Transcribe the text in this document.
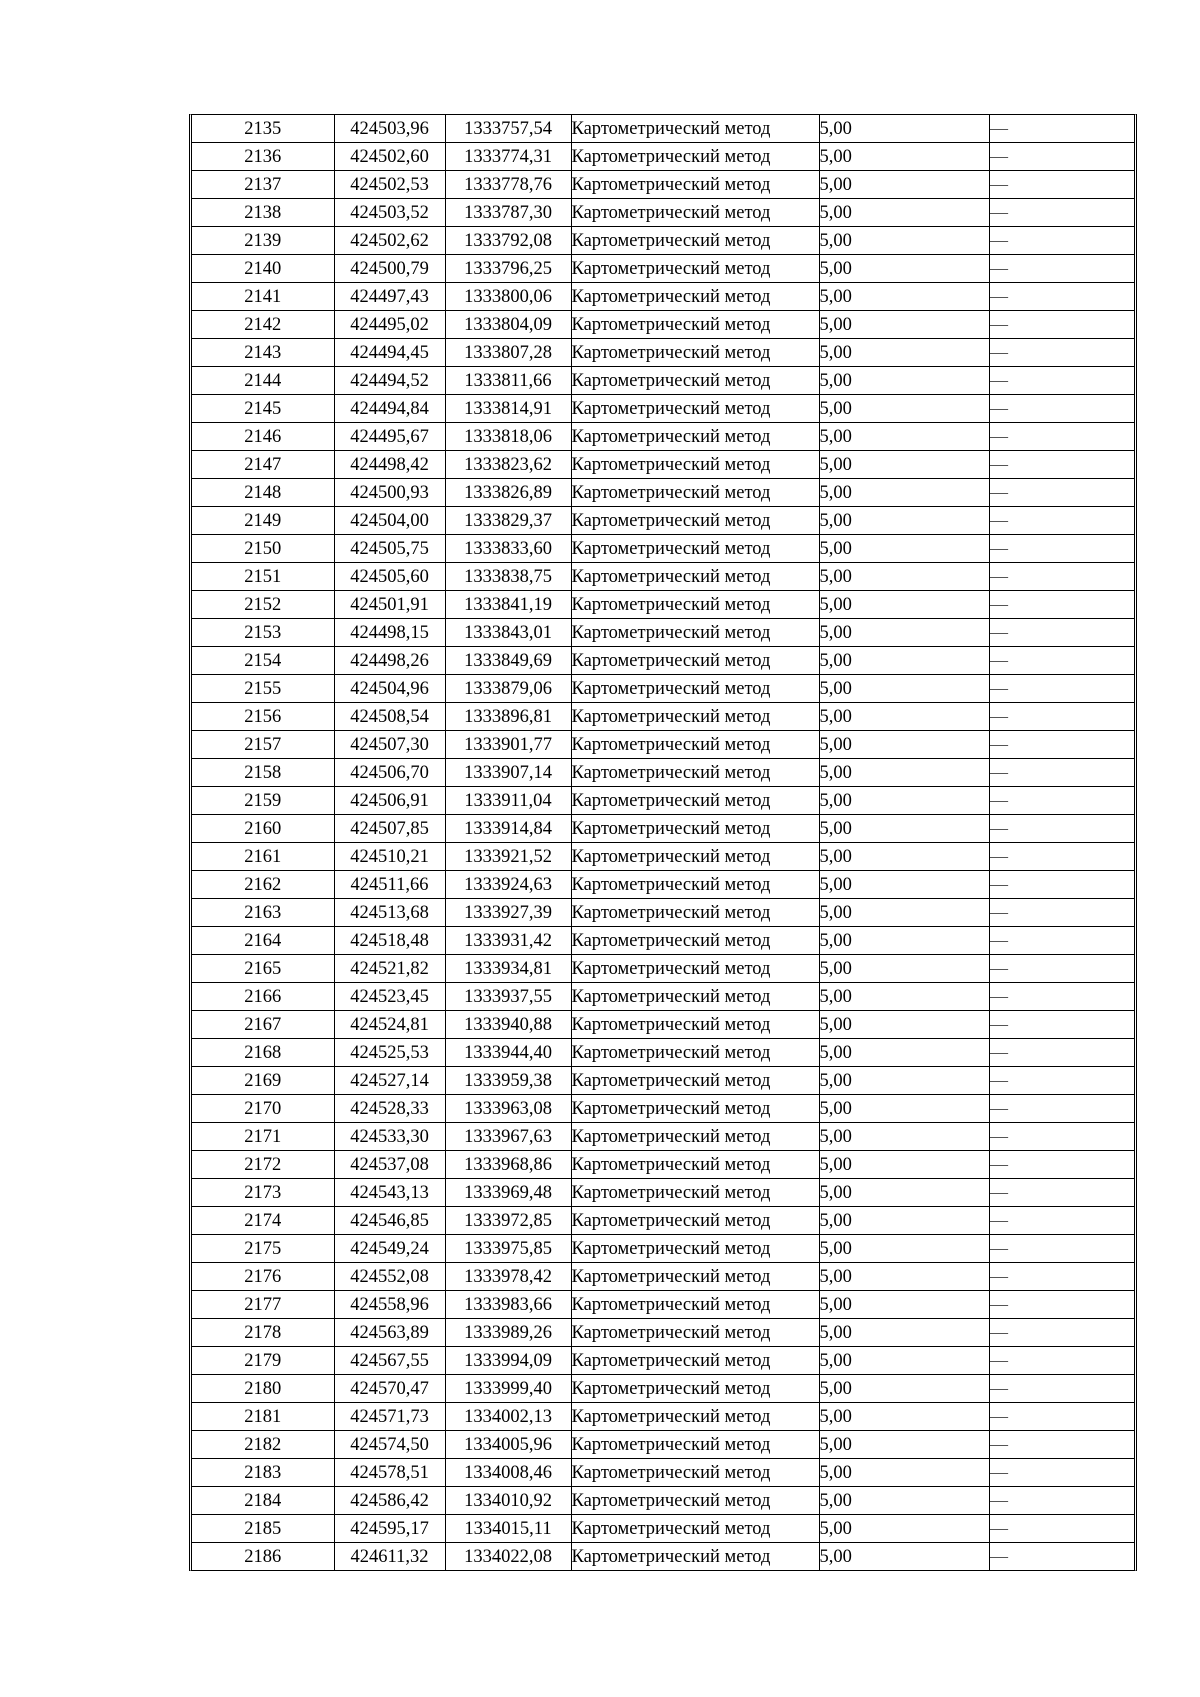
2135	424503,96	1333757,54	Картометрический метод	5,00	—
2136	424502,60	1333774,31	Картометрический метод	5,00	—
2137	424502,53	1333778,76	Картометрический метод	5,00	—
2138	424503,52	1333787,30	Картометрический метод	5,00	—
2139	424502,62	1333792,08	Картометрический метод	5,00	—
2140	424500,79	1333796,25	Картометрический метод	5,00	—
2141	424497,43	1333800,06	Картометрический метод	5,00	—
2142	424495,02	1333804,09	Картометрический метод	5,00	—
2143	424494,45	1333807,28	Картометрический метод	5,00	—
2144	424494,52	1333811,66	Картометрический метод	5,00	—
2145	424494,84	1333814,91	Картометрический метод	5,00	—
2146	424495,67	1333818,06	Картометрический метод	5,00	—
2147	424498,42	1333823,62	Картометрический метод	5,00	—
2148	424500,93	1333826,89	Картометрический метод	5,00	—
2149	424504,00	1333829,37	Картометрический метод	5,00	—
2150	424505,75	1333833,60	Картометрический метод	5,00	—
2151	424505,60	1333838,75	Картометрический метод	5,00	—
2152	424501,91	1333841,19	Картометрический метод	5,00	—
2153	424498,15	1333843,01	Картометрический метод	5,00	—
2154	424498,26	1333849,69	Картометрический метод	5,00	—
2155	424504,96	1333879,06	Картометрический метод	5,00	—
2156	424508,54	1333896,81	Картометрический метод	5,00	—
2157	424507,30	1333901,77	Картометрический метод	5,00	—
2158	424506,70	1333907,14	Картометрический метод	5,00	—
2159	424506,91	1333911,04	Картометрический метод	5,00	—
2160	424507,85	1333914,84	Картометрический метод	5,00	—
2161	424510,21	1333921,52	Картометрический метод	5,00	—
2162	424511,66	1333924,63	Картометрический метод	5,00	—
2163	424513,68	1333927,39	Картометрический метод	5,00	—
2164	424518,48	1333931,42	Картометрический метод	5,00	—
2165	424521,82	1333934,81	Картометрический метод	5,00	—
2166	424523,45	1333937,55	Картометрический метод	5,00	—
2167	424524,81	1333940,88	Картометрический метод	5,00	—
2168	424525,53	1333944,40	Картометрический метод	5,00	—
2169	424527,14	1333959,38	Картометрический метод	5,00	—
2170	424528,33	1333963,08	Картометрический метод	5,00	—
2171	424533,30	1333967,63	Картометрический метод	5,00	—
2172	424537,08	1333968,86	Картометрический метод	5,00	—
2173	424543,13	1333969,48	Картометрический метод	5,00	—
2174	424546,85	1333972,85	Картометрический метод	5,00	—
2175	424549,24	1333975,85	Картометрический метод	5,00	—
2176	424552,08	1333978,42	Картометрический метод	5,00	—
2177	424558,96	1333983,66	Картометрический метод	5,00	—
2178	424563,89	1333989,26	Картометрический метод	5,00	—
2179	424567,55	1333994,09	Картометрический метод	5,00	—
2180	424570,47	1333999,40	Картометрический метод	5,00	—
2181	424571,73	1334002,13	Картометрический метод	5,00	—
2182	424574,50	1334005,96	Картометрический метод	5,00	—
2183	424578,51	1334008,46	Картометрический метод	5,00	—
2184	424586,42	1334010,92	Картометрический метод	5,00	—
2185	424595,17	1334015,11	Картометрический метод	5,00	—
2186	424611,32	1334022,08	Картометрический метод	5,00	—
